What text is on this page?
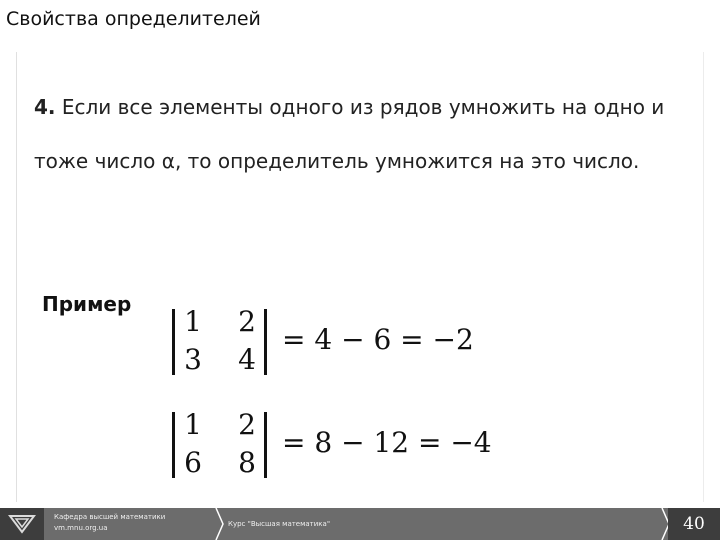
Свойства определителей
4. Если все элементы одного из рядов умножить на одно и тоже число α, то определитель умножится на это число.
Пример
1 2
3 4
= 4 − 6 = −2
1 2
6 8
= 8 − 12 = −4
Кафедра высшей математики
vm.mnu.org.ua	Курс "Высшая математика"	40
